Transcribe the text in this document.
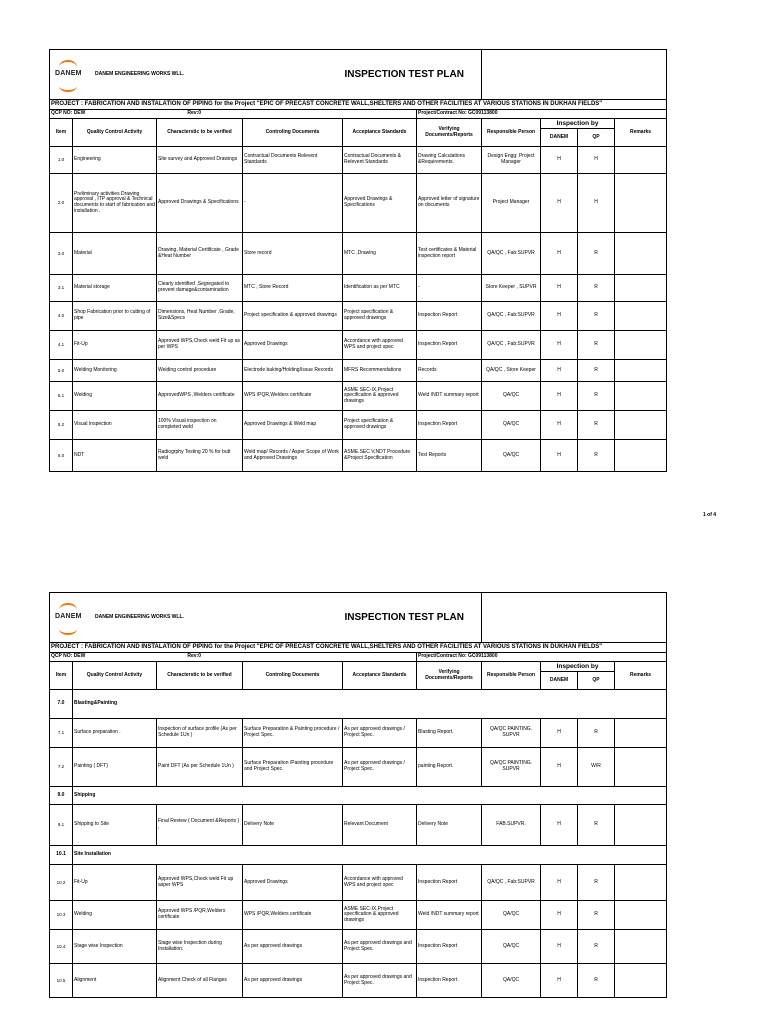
DANEM DANEM ENGINEERING WORKS WLL.				INSPECTION TEST PLAN					
PROJECT : FABRICATION AND INSTALATION OF PIPING for the Project "EPIC OF PRECAST CONCRETE WALL,SHELTERS AND OTHER FACILITIES AT VARIOUS STATIONS IN DUKHAN FIELDS"									
QCP NO: DEW Rev:0					Project/Contract No: GC09113800				
Item	Quality Control Activity	Characterstic to be verified	Controling Documents	Acceptance Standards	Verifying Documents/Reports	Responsible Person	Inspection by		Remarks
							DANEM	QP	
1.0	Engineering	Site survey and Approved Drawings	Contractual Documents Relevent Standards	Contractual Documents & Relevent Standards	Drawing Calculations &Requirements.	Design Engg: Project Manager	H	H	
2.0	Preliminary activities Drawing approval , ITP approval & Technical documents to start of fabrication and installation .	Approved Drawings & Specifications	-	Approved Drawings & Specifications	Approved letter of signature on documents	Project Manager	H	H	
3.0	Material	Drawing, Material Certificate , Grade &Heat Number	Store record	MTC ,Drawing	Test certificates & Material inspection report	QA/QC , Fab:SUPVR	H	R	
3.1	Material storage	Clearly identified ,Segregated to prevent damage&contamination	MTC , Store Record	Identification as per MTC	-	Store Keeper , SUPVR	H	R	
4.0	Shop Fabrication prior to cutting of pipe	Dimensions, Heat Number ,Grade, Size&Specs	Project specification & approved drawings	Project specification & approved drawings	Inspection Report	QA/QC , Fab:SUPVR	H	R	
4.1	Fit-Up	Approved WPS,Check weld Fit up as per WPS	Approved Drawings	Accordance with approved WPS and project spec	Inspection Report	QA/QC , Fab:SUPVR	H	R	
5.0	Welding Monitoring	Welding control procedure	Electrode baking/Holding/Issue Records	MFRS Recommendations	Records	QA/QC , Store Keeper	H	R	
5.1	Welding	ApprovedWPS ,Welders certificate	WPS /PQR,Welders certificate	ASME SEC-IX,Project specification & approved drawings	Weld /NDT summary report	QA/QC	H	R	
5.2	Visual Inspection	100% Visual inspection on completed weld	Approved Drawings & Weld map	Project specification & approved drawings	Inspection Report	QA/QC	H	R	
6.0	NDT	Radiogrphy Testing 20 % for butt weld	Weld map/ Records / Asper Scope of Work and Approved Drawings	ASME.SEC V,NDT Procedure &Project Specification	Test Reports	QA/QC	H	R	
1 of 4
DANEM DANEM ENGINEERING WORKS WLL.				INSPECTION TEST PLAN					
PROJECT : FABRICATION AND INSTALATION OF PIPING for the Project "EPIC OF PRECAST CONCRETE WALL,SHELTERS AND OTHER FACILITIES AT VARIOUS STATIONS IN DUKHAN FIELDS"									
QCP NO: DEW Rev:0					Project/Contract No: GC09113800				
Item	Quality Control Activity	Characterstic to be verified	Controling Documents	Acceptance Standards	Verifying Documents/Reports	Responsible Person	Inspection by		Remarks
							DANEM	QP	
7.0	Blasting&Painting								
7.1	Surface preparation .	Inspection of surface profile (As per Schedule 1Un )	Surface Preparation & Painting procedure / Project Spec.	As per approved drawings / Project Spec.	Blasting Report.	QA/QC PAINTING. SUPVR	H	R	
7.2	Painting ( DFT)	Paint DFT (As per Schedule 1Un )	Surface Preparation /Painting procedure and Project Spec.	As per approved drawings / Project Spec.	painting Report.	QA/QC PAINTING. SUPVR	H	W/R	
9.0	Shipping								
9.1	Shipping to Site	Final Review ( Document &Reports ) ,	Delivery Note	Relevant Document	Delivery Note	FAB.SUPVR.	H	R	
10.1	Site Installation								
10.2	Fit-Up	Approved WPS,Check weld Fit up asper WPS	Approved Drawings	Accordance with approved WPS and project spec	Inspection Report	QA/QC , Fab:SUPVR	H	R	
10.3	Welding	Approved WPS /PQR,Welders certificate	WPS /PQR,Welders certificate	ASME SEC-IX,Project specification & approved drawings	Weld /NDT summary report	QA/QC	H	R	
10.4	Stage wise Inspection	Stage wise Inspection during Installation.	As per approved drawings	As per approved drawings and Project Spec.	Inspection Report	QA/QC	H	R	
10.5	Alignment	Alignment Check of all Flanges	As per approved drawings	As per approved drawings and Project Spec.	Inspection Report	QA/QC	H	R	
